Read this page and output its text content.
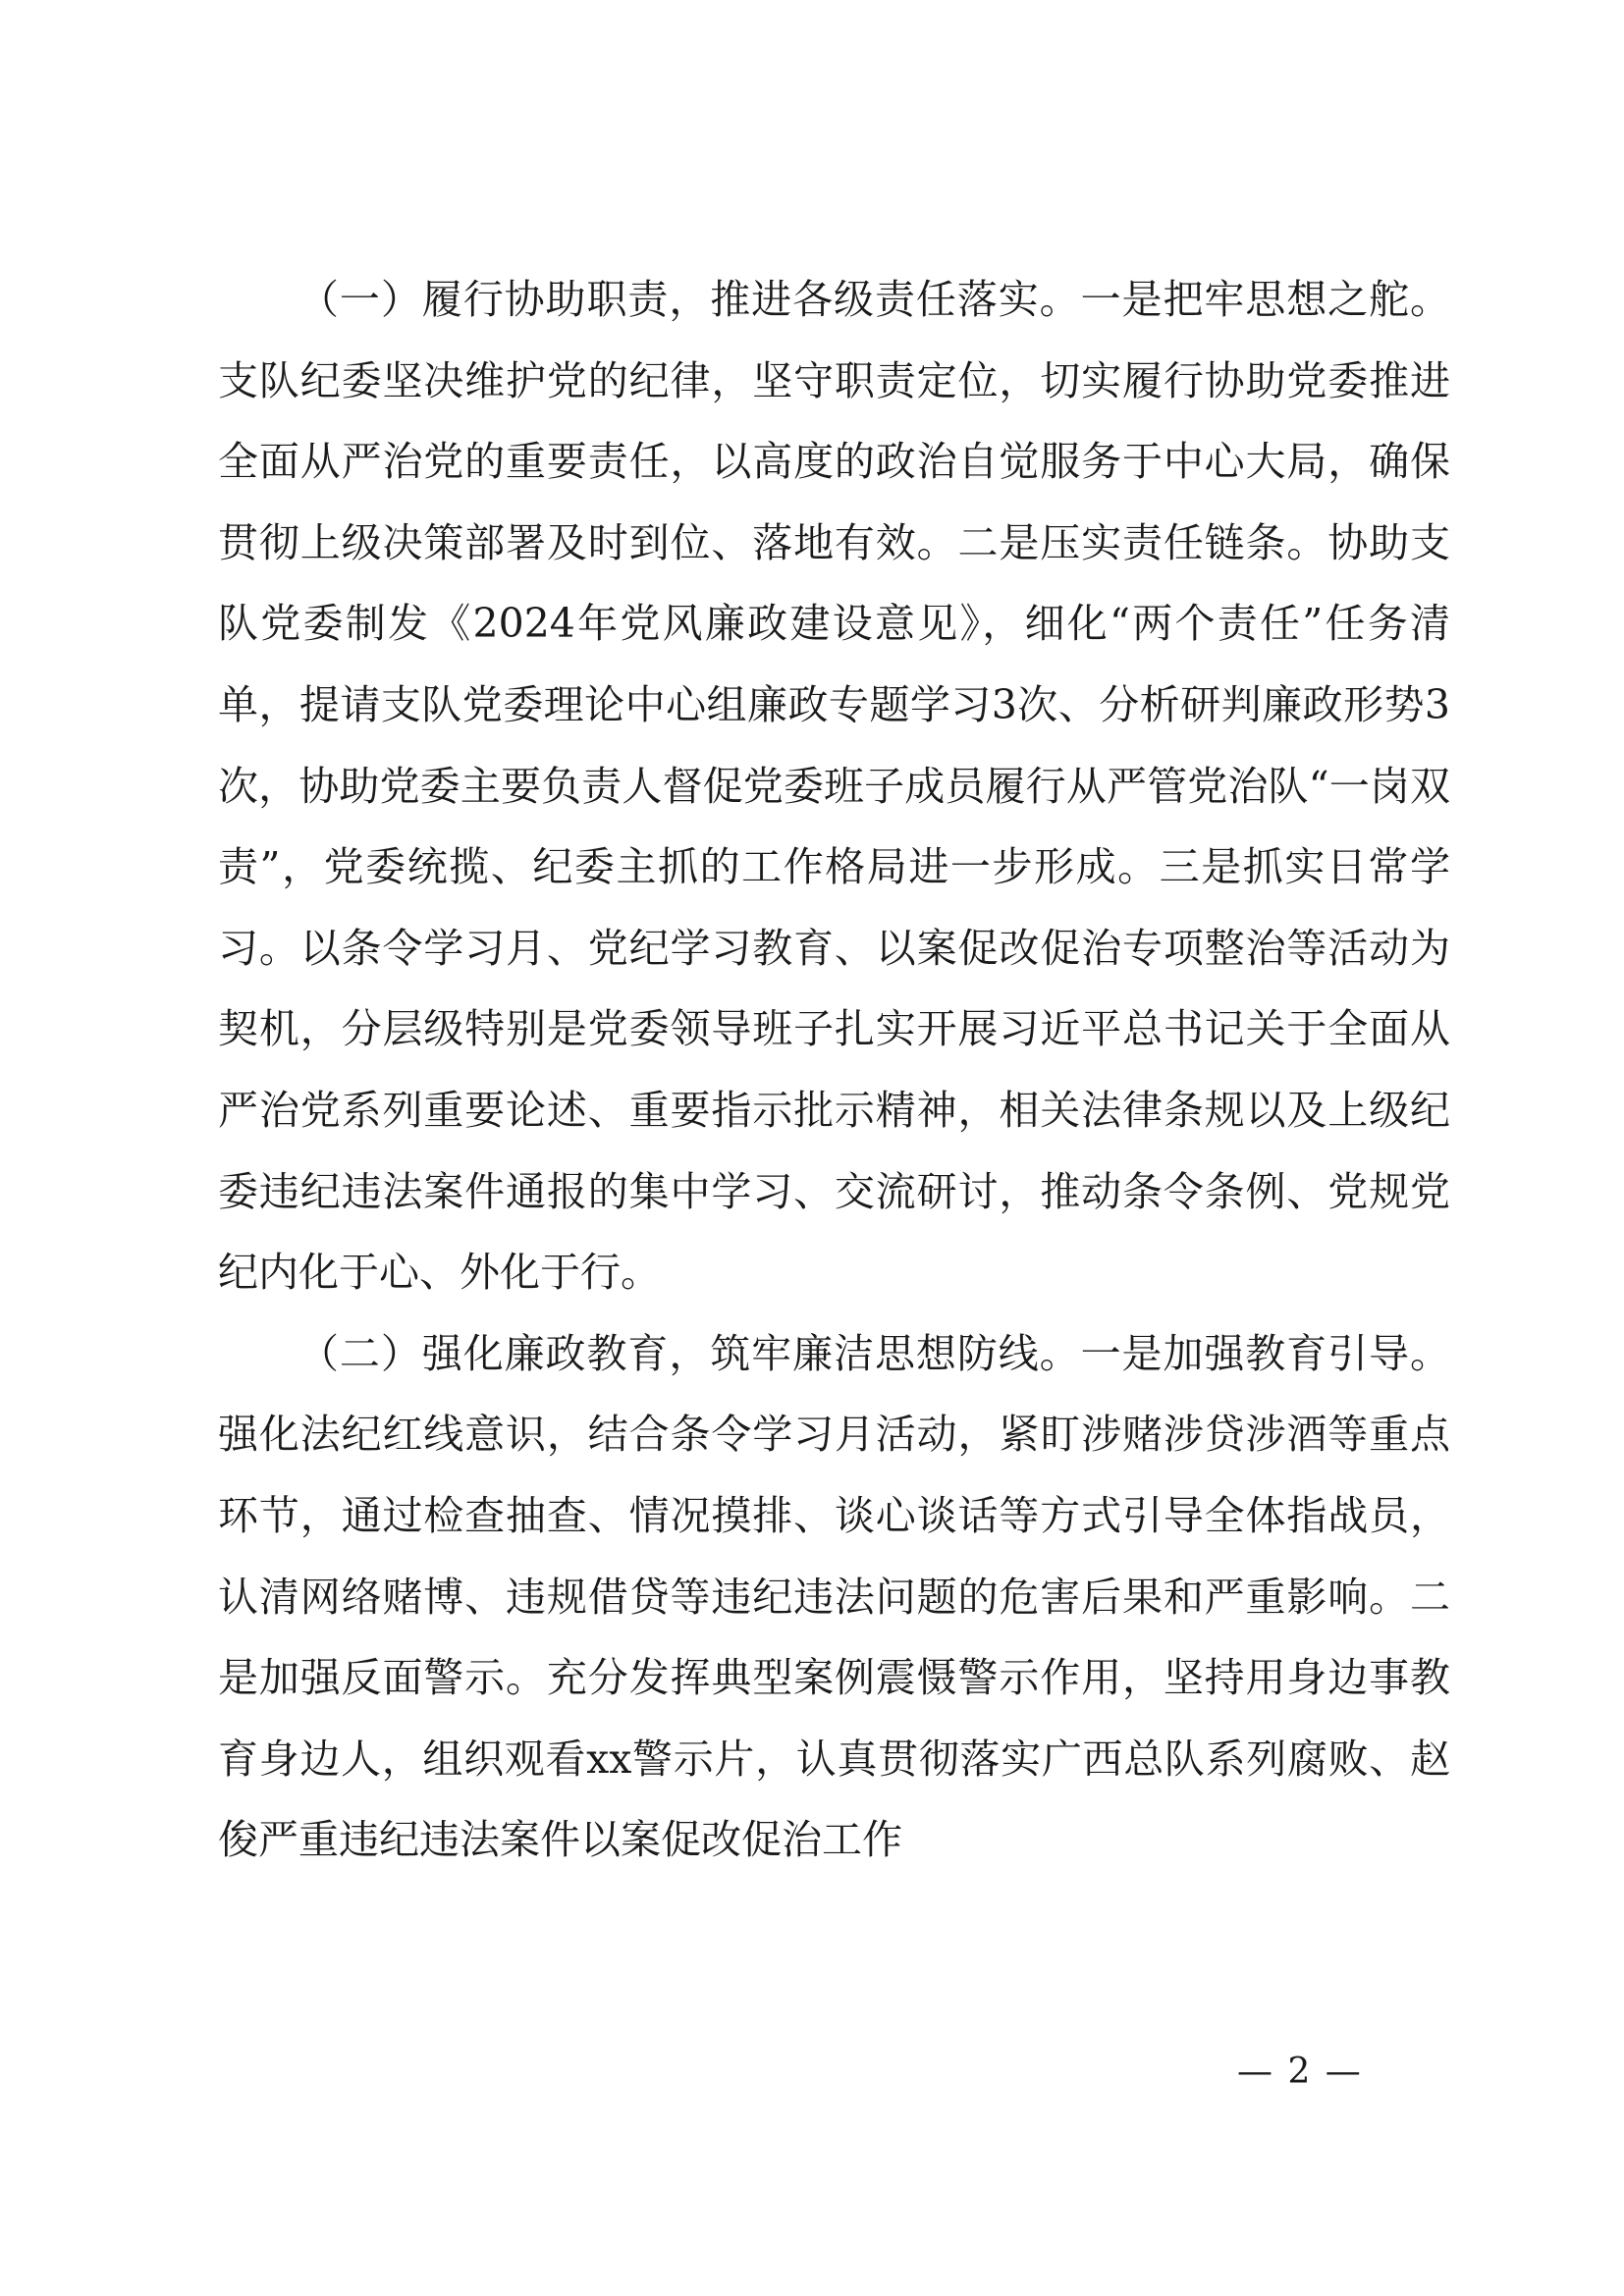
（一）履行协助职责，推进各级责任落实。一是把牢思想之舵。支队纪委坚决维护党的纪律，坚守职责定位，切实履行协助党委推进全面从严治党的重要责任，以高度的政治自觉服务于中心大局，确保贯彻上级决策部署及时到位、落地有效。二是压实责任链条。协助支队党委制发《2024年党风廉政建设意见》，细化“两个责任”任务清单，提请支队党委理论中心组廉政专题学习3次、分析研判廉政形势3次，协助党委主要负责人督促党委班子成员履行从严管党治队“一岗双责”，党委统揽、纪委主抓的工作格局进一步形成。三是抓实日常学习。以条令学习月、党纪学习教育、以案促改促治专项整治等活动为契机，分层级特别是党委领导班子扎实开展习近平总书记关于全面从严治党系列重要论述、重要指示批示精神，相关法律条规以及上级纪委违纪违法案件通报的集中学习、交流研讨，推动条令条例、党规党纪内化于心、外化于行。

（二）强化廉政教育，筑牢廉洁思想防线。一是加强教育引导。强化法纪红线意识，结合条令学习月活动，紧盯涉赌涉贷涉酒等重点环节，通过检查抽查、情况摸排、谈心谈话等方式引导全体指战员，认清网络赌博、违规借贷等违纪违法问题的危害后果和严重影响。二是加强反面警示。充分发挥典型案例震慑警示作用，坚持用身边事教育身边人，组织观看xx警示片，认真贯彻落实广西总队系列腐败、赵俊严重违纪违法案件以案促改促治工作

— 2 —
